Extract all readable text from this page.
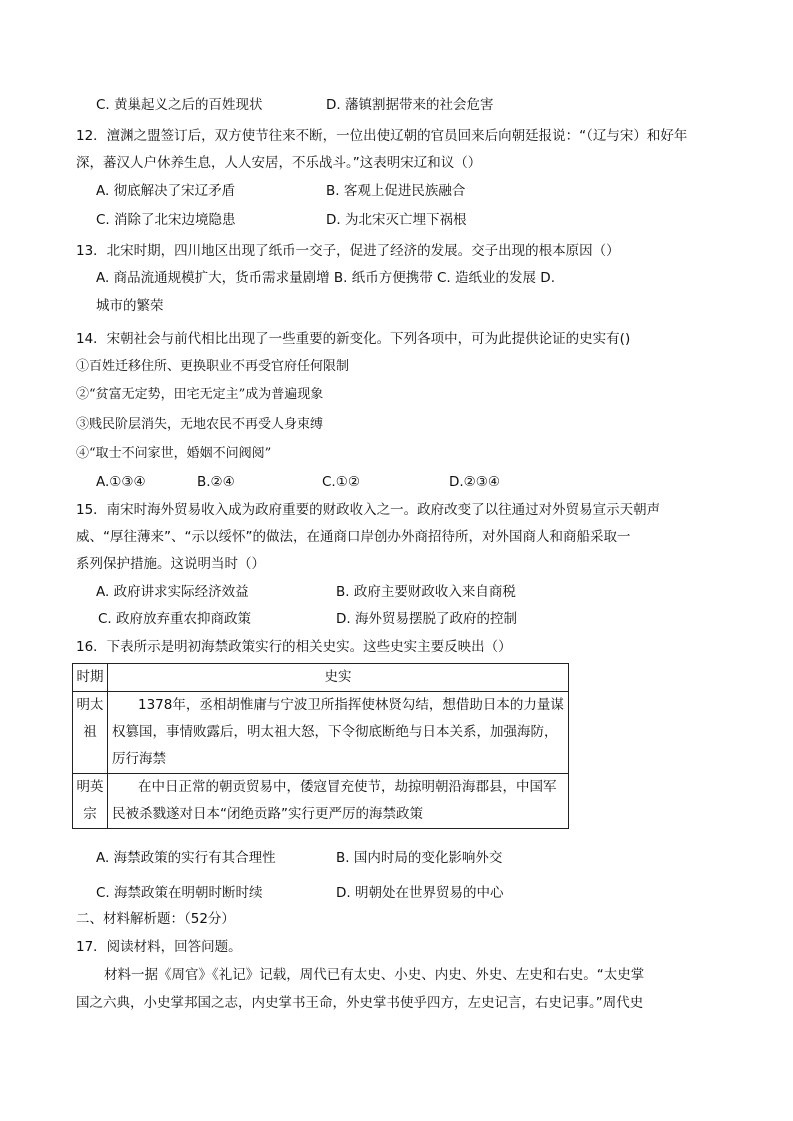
C. 黄巢起义之后的百姓现状	D. 藩镇割据带来的社会危害
12．澶渊之盟签订后，双方使节往来不断，一位出使辽朝的官员回来后向朝廷报说：“（辽与宋）和好年
深，蕃汉人户休养生息，人人安居，不乐战斗。”这表明宋辽和议（）
A. 彻底解决了宋辽矛盾	B. 客观上促进民族融合
C. 消除了北宋边境隐患	D. 为北宋灭亡埋下祸根
13．北宋时期，四川地区出现了纸币一交子，促进了经济的发展。交子出现的根本原因（）
A. 商品流通规模扩大，货币需求量剧增 B. 纸币方便携带 C. 造纸业的发展 D.
城市的繁荣
14．宋朝社会与前代相比出现了一些重要的新变化。下列各项中，可为此提供论证的史实有()
①百姓迁移住所、更换职业不再受官府任何限制
②“贫富无定势，田宅无定主”成为普遍现象
③贱民阶层消失，无地农民不再受人身束缚
④“取士不问家世，婚姻不问阀阅”
A.①③④	B.②④	C.①②	D.②③④
15．南宋时海外贸易收入成为政府重要的财政收入之一。政府改变了以往通过对外贸易宣示天朝声
威、“厚往薄来”、“示以绥怀”的做法，在通商口岸创办外商招待所，对外国商人和商船采取一
系列保护措施。这说明当时（）
A. 政府讲求实际经济效益	B. 政府主要财政收入来自商税
C. 政府放弃重农抑商政策	D. 海外贸易摆脱了政府的控制
16．下表所示是明初海禁政策实行的相关史实。这些史实主要反映出（）
时期	史实
明太祖	1378年，丞相胡惟庸与宁波卫所指挥使林贤勾结，想借助日本的力量谋权篡国，事情败露后，明太祖大怒，下令彻底断绝与日本关系，加强海防，厉行海禁
明英宗	在中日正常的朝贡贸易中，倭寇冒充使节，劫掠明朝沿海郡县，中国军民被杀戮遂对日本“闭绝贡路”实行更严厉的海禁政策
A. 海禁政策的实行有其合理性	B. 国内时局的变化影响外交
C. 海禁政策在明朝时断时续	D. 明朝处在世界贸易的中心
二、材料解析题：（52分）
17．阅读材料，回答问题。
材料一据《周官》《礼记》记载，周代已有太史、小史、内史、外史、左史和右史。“太史掌
国之六典，小史掌邦国之志，内史掌书王命，外史掌书使乎四方，左史记言，右史记事。”周代史
